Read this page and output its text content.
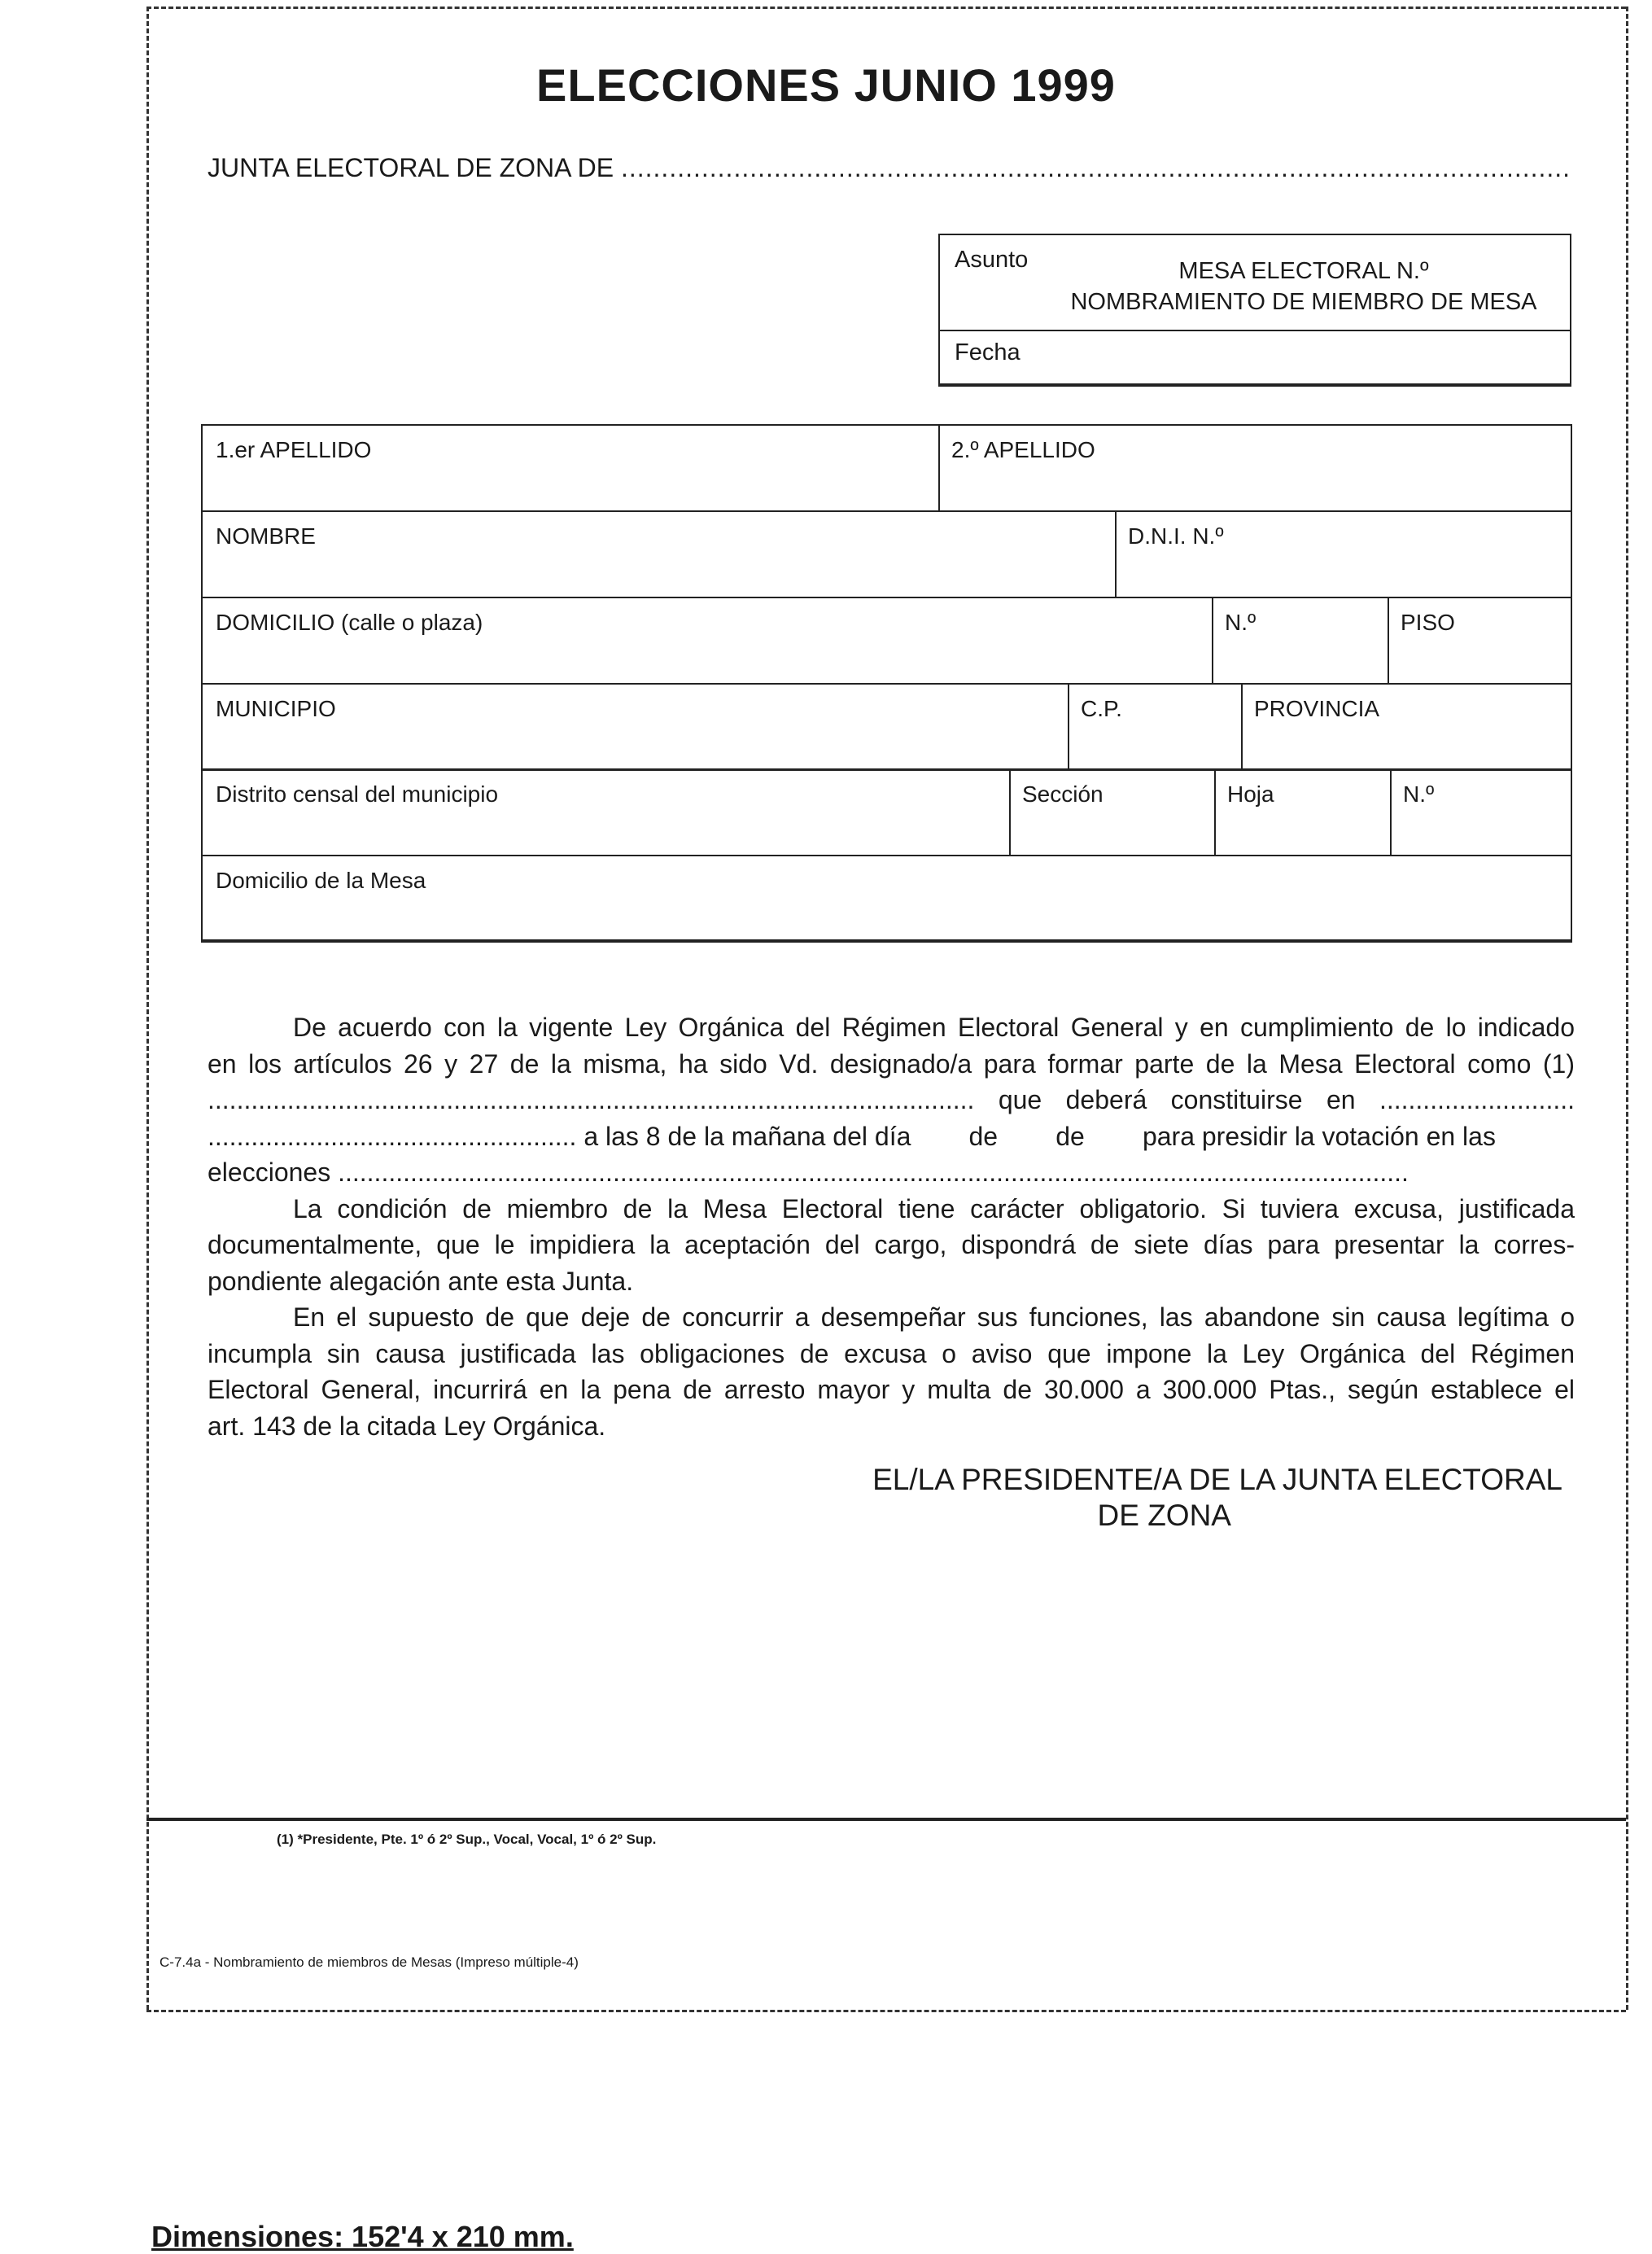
ELECCIONES JUNIO 1999
JUNTA ELECTORAL DE ZONA DE ......................................................................................................................
Asunto	MESA ELECTORAL N.º
NOMBRAMIENTO DE MIEMBRO DE MESA
Fecha
1.er APELLIDO	2.º APELLIDO
NOMBRE	D.N.I. N.º
DOMICILIO (calle o plaza)	N.º	PISO
MUNICIPIO	C.P.	PROVINCIA
Distrito censal del municipio	Sección	Hoja	N.º
Domicilio de la Mesa
De acuerdo con la vigente Ley Orgánica del Régimen Electoral General y en cumplimiento de lo indicado
en los artículos 26 y 27 de la misma, ha sido Vd. designado/a para formar parte de la Mesa Electoral como (1)
.......................................................................................................... que deberá constituirse en ...........................
................................................... a las 8 de la mañana del día        de        de        para presidir la votación en las
elecciones ....................................................................................................................................................
La condición de miembro de la Mesa Electoral tiene carácter obligatorio. Si tuviera excusa, justificada
documentalmente, que le impidiera la aceptación del cargo, dispondrá de siete días para presentar la corres-
pondiente alegación ante esta Junta.
En el supuesto de que deje de concurrir a desempeñar sus funciones, las abandone sin causa legítima o
incumpla sin causa justificada las obligaciones de excusa o aviso que impone la Ley Orgánica del Régimen
Electoral General, incurrirá en la pena de arresto mayor y multa de 30.000 a 300.000 Ptas., según establece el
art. 143 de la citada Ley Orgánica.
EL/LA PRESIDENTE/A DE LA JUNTA ELECTORAL
DE ZONA
(1) *Presidente, Pte. 1º ó 2º Sup., Vocal, Vocal, 1º ó 2º Sup.
C-7.4a - Nombramiento de miembros de Mesas (Impreso múltiple-4)
Dimensiones: 152'4 x 210 mm.
